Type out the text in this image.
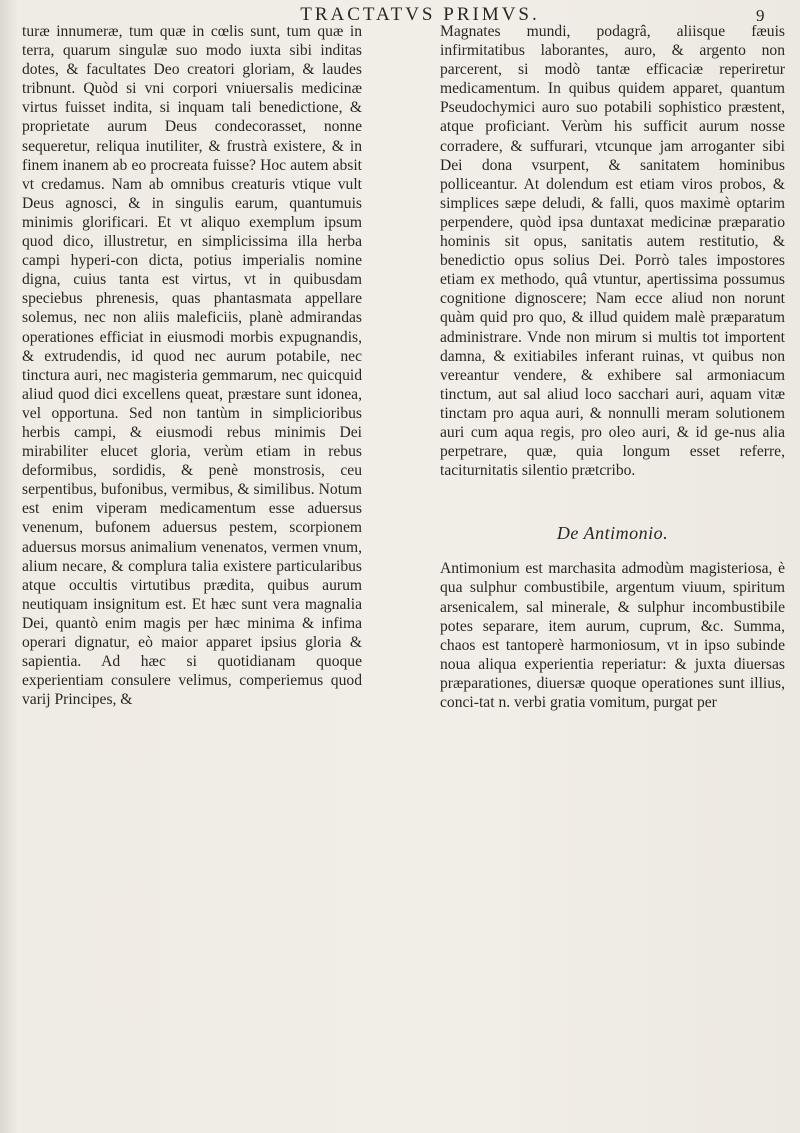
TRACTATVS PRIMVS.	9

turæ innumeræ, tum quæ in cœlis sunt, tum quæ in terra, quarum singulæ suo modo iuxta sibi inditas dotes, & facultates Deo creatori gloriam, & laudes tribnunt. Quòd si vni corpori vniuersalis medicinæ virtus fuisset indita, si inquam tali benedictione, & proprietate aurum Deus condecorasset, nonne sequeretur, reliqua inutiliter, & frustrà existere, & in finem inanem ab eo procreata fuisse? Hoc autem absit vt credamus. Nam ab omnibus creaturis vtique vult Deus agnosci, & in singulis earum, quantumuis minimis glorificari. Et vt aliquo exemplum ipsum quod dico, illustretur, en simplicissima illa herba campi hyperi-con dicta, potius imperialis nomine digna, cuius tanta est virtus, vt in quibusdam speciebus phrenesis, quas phantasmata appellare solemus, nec non aliis maleficiis, planè admirandas operationes efficiat in eiusmodi morbis expugnandis, & extrudendis, id quod nec aurum potabile, nec tinctura auri, nec magisteria gemmarum, nec quicquid aliud quod dici excellens queat, præstare sunt idonea, vel opportuna. Sed non tantùm in simplicioribus herbis campi, & eiusmodi rebus minimis Dei mirabiliter elucet gloria, verùm etiam in rebus deformibus, sordidis, & penè monstrosis, ceu serpentibus, bufonibus, vermibus, & similibus. Notum est enim viperam medicamentum esse aduersus venenum, bufonem aduersus pestem, scorpionem aduersus morsus animalium venenatos, vermen vnum, alium necare, & complura talia existere particularibus atque occultis virtutibus prædita, quibus aurum neutiquam insignitum est. Et hæc sunt vera magnalia Dei, quantò enim magis per hæc minima & infima operari dignatur, eò maior apparet ipsius gloria & sapientia. Ad hæc si quotidianam quoque experientiam consulere velimus, comperiemus quod varij Principes, &

Magnates mundi, podagrâ, aliisque fæuis infirmitatibus laborantes, auro, & argento non parcerent, si modò tantæ efficaciæ reperiretur medicamentum. In quibus quidem apparet, quantum Pseudochymici auro suo potabili sophistico præstent, atque proficiant. Verùm his sufficit aurum nosse corradere, & suffurari, vtcunque jam arroganter sibi Dei dona vsurpent, & sanitatem hominibus polliceantur. At dolendum est etiam viros probos, & simplices sæpe deludi, & falli, quos maximè optarim perpendere, quòd ipsa duntaxat medicinæ præparatio hominis sit opus, sanitatis autem restitutio, & benedictio opus solius Dei. Porrò tales impostores etiam ex methodo, quâ vtuntur, apertissima possumus cognitione dignoscere; Nam ecce aliud non norunt quàm quid pro quo, & illud quidem malè præparatum administrare. Vnde non mirum si multis tot importent damna, & exitiabiles inferant ruinas, vt quibus non vereantur vendere, & exhibere sal armoniacum tinctum, aut sal aliud loco sacchari auri, aquam vitæ tinctam pro aqua auri, & nonnulli meram solutionem auri cum aqua regis, pro oleo auri, & id ge-nus alia perpetrare, quæ, quia longum esset referre, taciturnitatis silentio prætcribo.

De Antimonio.

Antimonium est marchasita admodùm magisteriosa, è qua sulphur combustibile, argentum viuum, spiritum arsenicalem, sal minerale, & sulphur incombustibile potes separare, item aurum, cuprum, &c. Summa, chaos est tantoperè harmoniosum, vt in ipso subinde noua aliqua experientia reperiatur: & juxta diuersas præparationes, diuersæ quoque operationes sunt illius, conci-tat n. verbi gratia vomitum, purgat per
